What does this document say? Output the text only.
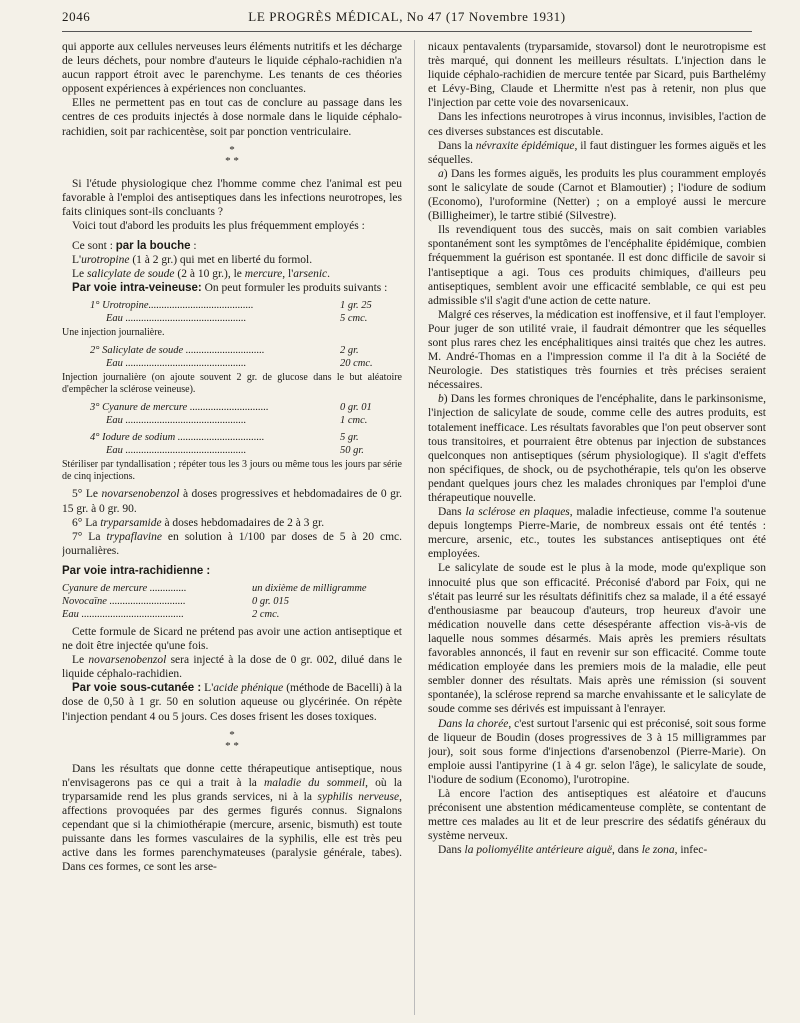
2046	LE PROGRÈS MÉDICAL, No 47 (17 Novembre 1931)

qui apporte aux cellules nerveuses leurs éléments nutritifs et les décharge de leurs déchets, pour nombre d'auteurs le liquide céphalo-rachidien n'a aucun rapport étroit avec le parenchyme. Les tenants de ces théories opposent expériences à expériences non concluantes.

Elles ne permettent pas en tout cas de conclure au passage dans les centres de ces produits injectés à dose normale dans le liquide céphalo-rachidien, soit par rachicentèse, soit par ponction ventriculaire.

*
* *

Si l'étude physiologique chez l'homme comme chez l'animal est peu favorable à l'emploi des antiseptiques dans les infections neurotropes, les faits cliniques sont-ils concluants ?

Voici tout d'abord les produits les plus fréquemment employés :

Ce sont : par la bouche :

L'urotropine (1 à 2 gr.) qui met en liberté du formol.

Le salicylate de soude (2 à 10 gr.), le mercure, l'arsenic.

Par voie intra-veineuse: On peut formuler les produits suivants :

1° Urotropine........................................	1 gr. 25
Eau ..............................................	5 cmc.

Une injection journalière.

2° Salicylate de soude ..............................	2 gr.
Eau ..............................................	20 cmc.

Injection journalière (on ajoute souvent 2 gr. de glucose dans le but aléatoire d'empêcher la sclérose veineuse).

3° Cyanure de mercure ..............................	0 gr. 01
Eau ..............................................	1 cmc.
4° Iodure de sodium .................................	5 gr.
Eau ..............................................	50 gr.

Stériliser par tyndallisation ; répéter tous les 3 jours ou même tous les jours par série de cinq injections.

5° Le novarsenobenzol à doses progressives et hebdomadaires de 0 gr. 15 gr. à 0 gr. 90.

6° La tryparsamide à doses hebdomadaires de 2 à 3 gr.

7° La trypaflavine en solution à 1/100 par doses de 5 à 20 cmc. journalières.

Par voie intra-rachidienne :

Cyanure de mercure ..............	un dixième de milligramme
Novocaïne .............................	0 gr. 015
Eau .......................................	2 cmc.

Cette formule de Sicard ne prétend pas avoir une action antiseptique et ne doit être injectée qu'une fois.

Le novarsenobenzol sera injecté à la dose de 0 gr. 002, dilué dans le liquide céphalo-rachidien.

Par voie sous-cutanée : L'acide phénique (méthode de Bacelli) à la dose de 0,50 à 1 gr. 50 en solution aqueuse ou glycérinée. On répète l'injection pendant 4 ou 5 jours. Ces doses frisent les doses toxiques.

*
* *

Dans les résultats que donne cette thérapeutique antiseptique, nous n'envisagerons pas ce qui a trait à la maladie du sommeil, où la tryparsamide rend les plus grands services, ni à la syphilis nerveuse, affections provoquées par des germes figurés connus. Signalons cependant que si la chimiothérapie (mercure, arsenic, bismuth) est toute puissante dans les formes vasculaires de la syphilis, elle est très peu active dans les formes parenchymateuses (paralysie générale, tabes). Dans ces formes, ce sont les arse-

nicaux pentavalents (tryparsamide, stovarsol) dont le neurotropisme est très marqué, qui donnent les meilleurs résultats. L'injection dans le liquide céphalo-rachidien de mercure tentée par Sicard, puis Barthelémy et Lévy-Bing, Claude et Lhermitte n'est pas à retenir, non plus que l'injection par cette voie des novarsenicaux.

Dans les infections neurotropes à virus inconnus, invisibles, l'action de ces diverses substances est discutable.

Dans la névraxite épidémique, il faut distinguer les formes aiguës et les séquelles.

a) Dans les formes aiguës, les produits les plus couramment employés sont le salicylate de soude (Carnot et Blamoutier) ; l'iodure de sodium (Economo), l'uroformine (Netter) ; on a employé aussi le mercure (Billigheimer), le tartre stibié (Silvestre).

Ils revendiquent tous des succès, mais on sait combien variables spontanément sont les symptômes de l'encéphalite épidémique, combien fréquemment la guérison est spontanée. Il est donc difficile de savoir si l'antiseptique a agi. Tous ces produits chimiques, d'ailleurs peu antiseptiques, semblent avoir une efficacité semblable, ce qui est peu admissible s'il s'agit d'une action de cette nature.

Malgré ces réserves, la médication est inoffensive, et il faut l'employer. Pour juger de son utilité vraie, il faudrait démontrer que les séquelles sont plus rares chez les encéphalitiques ainsi traités que chez les autres. M. André-Thomas en a l'impression comme il l'a dit à la Société de Neurologie. Des statistiques très fournies et très précises seraient nécessaires.

b) Dans les formes chroniques de l'encéphalite, dans le parkinsonisme, l'injection de salicylate de soude, comme celle des autres produits, est totalement inefficace. Les résultats favorables que l'on peut observer sont tous transitoires, et pourraient être obtenus par injection de substances quelconques non antiseptiques (sérum physiologique). Il s'agit d'effets non spécifiques, de shock, ou de psychothérapie, tels qu'on les observe pendant quelques jours chez les malades chroniques par l'emploi d'une thérapeutique nouvelle.

Dans la sclérose en plaques, maladie infectieuse, comme l'a soutenue depuis longtemps Pierre-Marie, de nombreux essais ont été tentés : mercure, arsenic, etc., toutes les substances antiseptiques ont été employées.

Le salicylate de soude est le plus à la mode, mode qu'explique son innocuité plus que son efficacité. Préconisé d'abord par Foix, qui ne s'était pas leurré sur les résultats définitifs chez sa malade, il a été essayé d'enthousiasme par beaucoup d'auteurs, trop heureux d'avoir une médication nouvelle dans cette désespérante affection vis-à-vis de laquelle nous sommes désarmés. Mais après les premiers résultats favorables annoncés, il faut en revenir sur son efficacité. Comme toute médication employée dans les premiers mois de la maladie, elle peut sembler donner des résultats. Mais après une rémission (si souvent spontanée), la sclérose reprend sa marche envahissante et le salicylate de soude comme ses dérivés est impuissant à l'enrayer.

Dans la chorée, c'est surtout l'arsenic qui est préconisé, soit sous forme de liqueur de Boudin (doses progressives de 3 à 15 milligrammes par jour), soit sous forme d'injections d'arsenobenzol (Pierre-Marie). On emploie aussi l'antipyrine (1 à 4 gr. selon l'âge), le salicylate de soude, l'iodure de sodium (Economo), l'urotropine.

Là encore l'action des antiseptiques est aléatoire et d'aucuns préconisent une abstention médicamenteuse complète, se contentant de mettre ces malades au lit et de leur prescrire des sédatifs généraux du système nerveux.

Dans la poliomyélite antérieure aiguë, dans le zona, infec-
